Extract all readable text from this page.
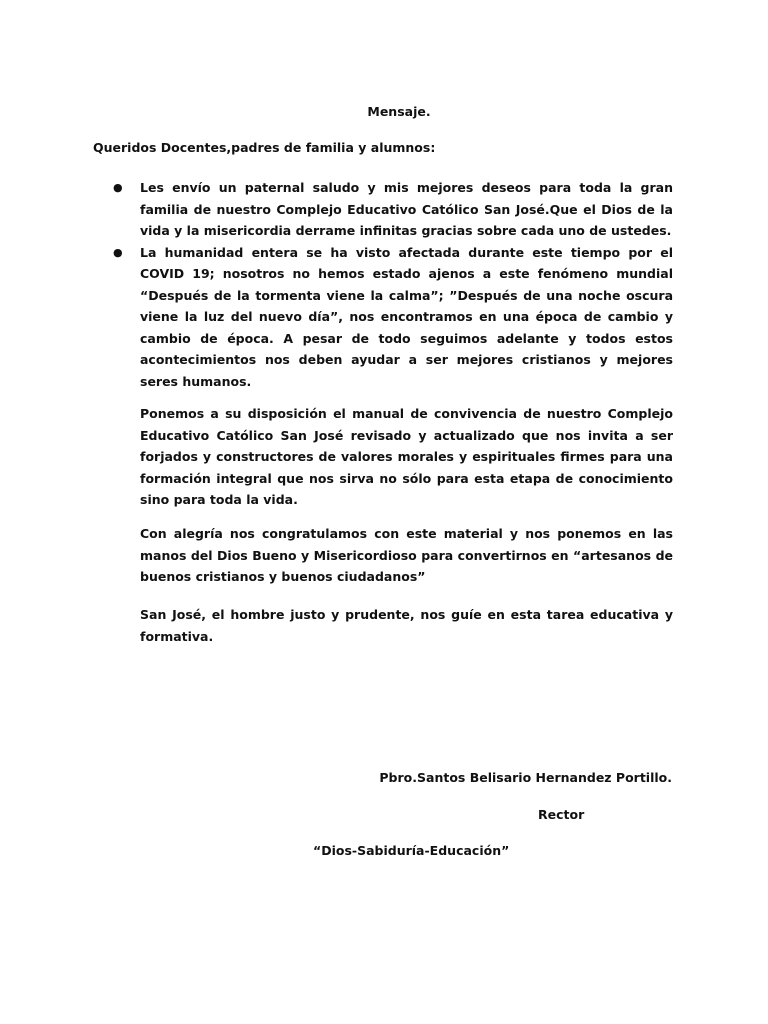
Mensaje.

Queridos Docentes,padres de familia y alumnos:

● Les envío un paternal saludo y mis mejores deseos para toda la gran familia de nuestro Complejo Educativo Católico San José.Que el Dios de la vida y la misericordia derrame infinitas gracias sobre cada uno de ustedes.
● La humanidad entera se ha visto afectada durante este tiempo por el COVID 19; nosotros no hemos estado ajenos a este fenómeno mundial “Después de la tormenta viene la calma”; ”Después de una noche oscura viene la luz del nuevo día”, nos encontramos en una época de cambio y cambio de época. A pesar de todo seguimos adelante y todos estos acontecimientos nos deben ayudar a ser mejores cristianos y mejores seres humanos.

Ponemos a su disposición el manual de convivencia de nuestro Complejo Educativo Católico San José revisado y actualizado que nos invita a ser forjados y constructores de valores morales y espirituales firmes para una formación integral que nos sirva no sólo para esta etapa de conocimiento sino para toda la vida.

Con alegría nos congratulamos con este material y nos ponemos en las manos del Dios Bueno y Misericordioso para convertirnos en “artesanos de buenos cristianos y buenos ciudadanos”

San José, el hombre justo y prudente, nos guíe en esta tarea educativa y formativa.

Pbro.Santos Belisario Hernandez Portillo.

Rector

“Dios-Sabiduría-Educación”
